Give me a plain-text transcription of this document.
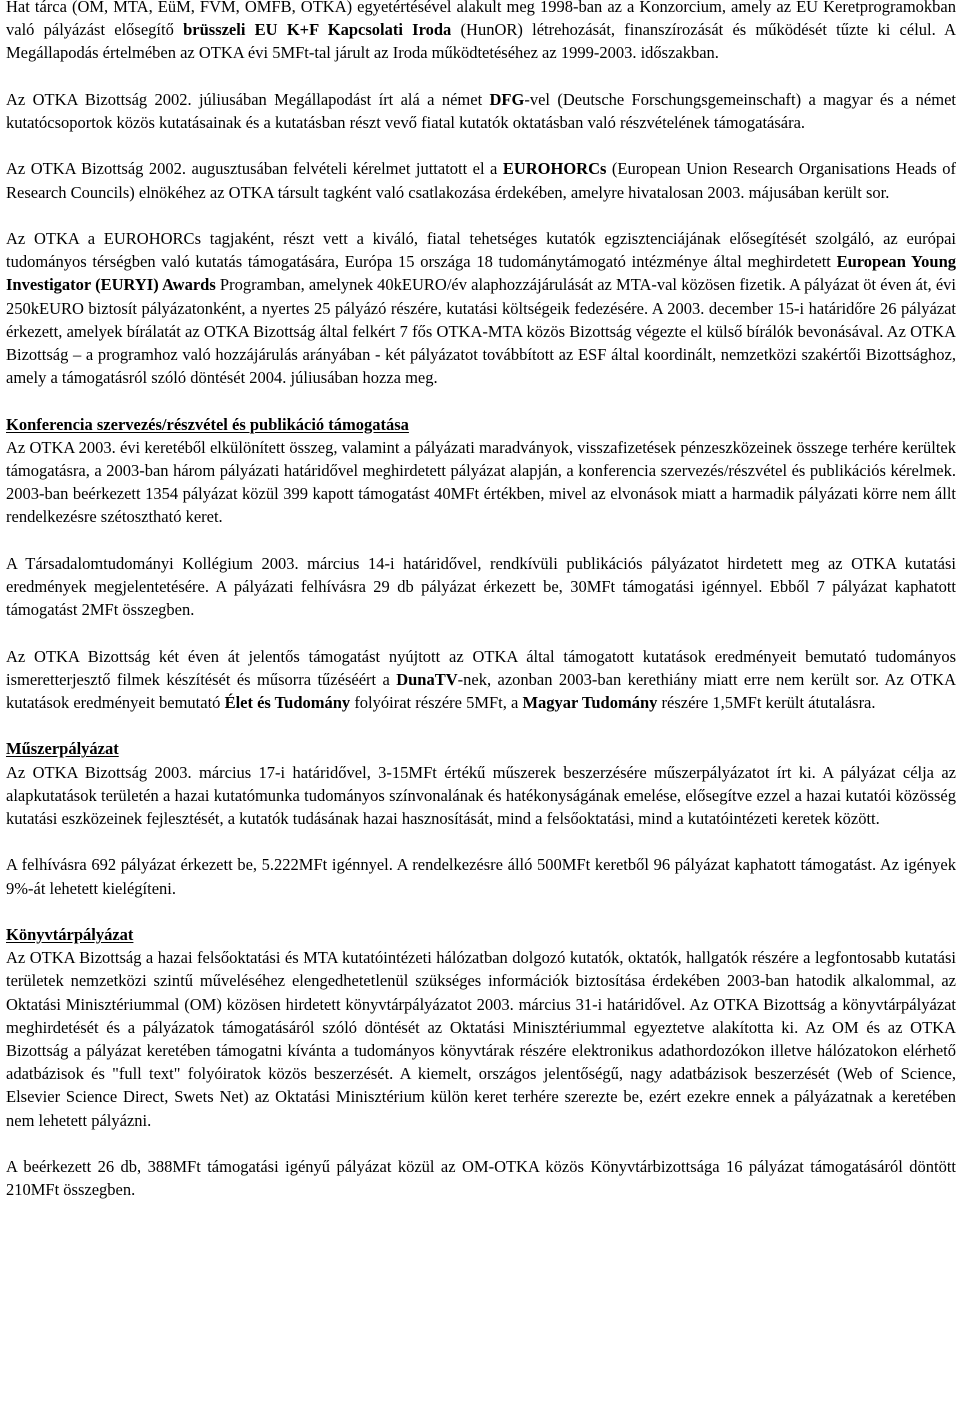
Hat tárca (OM, MTA, EüM, FVM, OMFB, OTKA) egyetértésével alakult meg 1998-ban az a Konzorcium, amely az EU Keretprogramokban való pályázást elősegítő brüsszeli EU K+F Kapcsolati Iroda (HunOR) létrehozását, finanszírozását és működését tűzte ki célul. A Megállapodás értelmében az OTKA évi 5MFt-tal járult az Iroda működtetéséhez az 1999-2003. időszakban.

Az OTKA Bizottság 2002. júliusában Megállapodást írt alá a német DFG-vel (Deutsche Forschungsgemeinschaft) a magyar és a német kutatócsoportok közös kutatásainak és a kutatásban részt vevő fiatal kutatók oktatásban való részvételének támogatására.

Az OTKA Bizottság 2002. augusztusában felvételi kérelmet juttatott el a EUROHORCs (European Union Research Organisations Heads of Research Councils) elnökéhez az OTKA társult tagként való csatlakozása érdekében, amelyre hivatalosan 2003. májusában került sor.

Az OTKA a EUROHORCs tagjaként, részt vett a kiváló, fiatal tehetséges kutatók egzisztenciájának elősegítését szolgáló, az európai tudományos térségben való kutatás támogatására, Európa 15 országa 18 tudománytámogató intézménye által meghirdetett European Young Investigator (EURYI) Awards Programban, amelynek 40kEURO/év alaphozzájárulását az MTA-val közösen fizetik. A pályázat öt éven át, évi 250kEURO biztosít pályázatonként, a nyertes 25 pályázó részére, kutatási költségeik fedezésére. A 2003. december 15-i határidőre 26 pályázat érkezett, amelyek bírálatát az OTKA Bizottság által felkért 7 fős OTKA-MTA közös Bizottság végezte el külső bírálók bevonásával. Az OTKA Bizottság – a programhoz való hozzájárulás arányában - két pályázatot továbbított az ESF által koordinált, nemzetközi szakértői Bizottsághoz, amely a támogatásról szóló döntését 2004. júliusában hozza meg.

Konferencia szervezés/részvétel és publikáció támogatása

Az OTKA 2003. évi keretéből elkülönített összeg, valamint a pályázati maradványok, visszafizetések pénzeszközeinek összege terhére kerültek támogatásra, a 2003-ban három pályázati határidővel meghirdetett pályázat alapján, a konferencia szervezés/részvétel és publikációs kérelmek. 2003-ban beérkezett 1354 pályázat közül 399 kapott támogatást 40MFt értékben, mivel az elvonások miatt a harmadik pályázati körre nem állt rendelkezésre szétosztható keret.

A Társadalomtudományi Kollégium 2003. március 14-i határidővel, rendkívüli publikációs pályázatot hirdetett meg az OTKA kutatási eredmények megjelentetésére. A pályázati felhívásra 29 db pályázat érkezett be, 30MFt támogatási igénnyel. Ebből 7 pályázat kaphatott támogatást 2MFt összegben.

Az OTKA Bizottság két éven át jelentős támogatást nyújtott az OTKA által támogatott kutatások eredményeit bemutató tudományos ismeretterjesztő filmek készítését és műsorra tűzéséért a DunaTV-nek, azonban 2003-ban kerethiány miatt erre nem került sor. Az OTKA kutatások eredményeit bemutató Élet és Tudomány folyóirat részére 5MFt, a Magyar Tudomány részére 1,5MFt került átutalásra.

Műszerpályázat

Az OTKA Bizottság 2003. március 17-i határidővel, 3-15MFt értékű műszerek beszerzésére műszerpályázatot írt ki. A pályázat célja az alapkutatások területén a hazai kutatómunka tudományos színvonalának és hatékonyságának emelése, elősegítve ezzel a hazai kutatói közösség kutatási eszközeinek fejlesztését, a kutatók tudásának hazai hasznosítását, mind a felsőoktatási, mind a kutatóintézeti keretek között.

A felhívásra 692 pályázat érkezett be, 5.222MFt igénnyel. A rendelkezésre álló 500MFt keretből 96 pályázat kaphatott támogatást. Az igények 9%-át lehetett kielégíteni.

Könyvtárpályázat

Az OTKA Bizottság a hazai felsőoktatási és MTA kutatóintézeti hálózatban dolgozó kutatók, oktatók, hallgatók részére a legfontosabb kutatási területek nemzetközi szintű műveléséhez elengedhetetlenül szükséges információk biztosítása érdekében 2003-ban hatodik alkalommal, az Oktatási Minisztériummal (OM) közösen hirdetett könyvtárpályázatot 2003. március 31-i határidővel. Az OTKA Bizottság a könyvtárpályázat meghirdetését és a pályázatok támogatásáról szóló döntését az Oktatási Minisztériummal egyeztetve alakította ki. Az OM és az OTKA Bizottság a pályázat keretében támogatni kívánta a tudományos könyvtárak részére elektronikus adathordozókon illetve hálózatokon elérhető adatbázisok és "full text" folyóiratok közös beszerzését. A kiemelt, országos jelentőségű, nagy adatbázisok beszerzését (Web of Science, Elsevier Science Direct, Swets Net) az Oktatási Minisztérium külön keret terhére szerezte be, ezért ezekre ennek a pályázatnak a keretében nem lehetett pályázni.

A beérkezett 26 db, 388MFt támogatási igényű pályázat közül az OM-OTKA közös Könyvtárbizottsága 16 pályázat támogatásáról döntött 210MFt összegben.
